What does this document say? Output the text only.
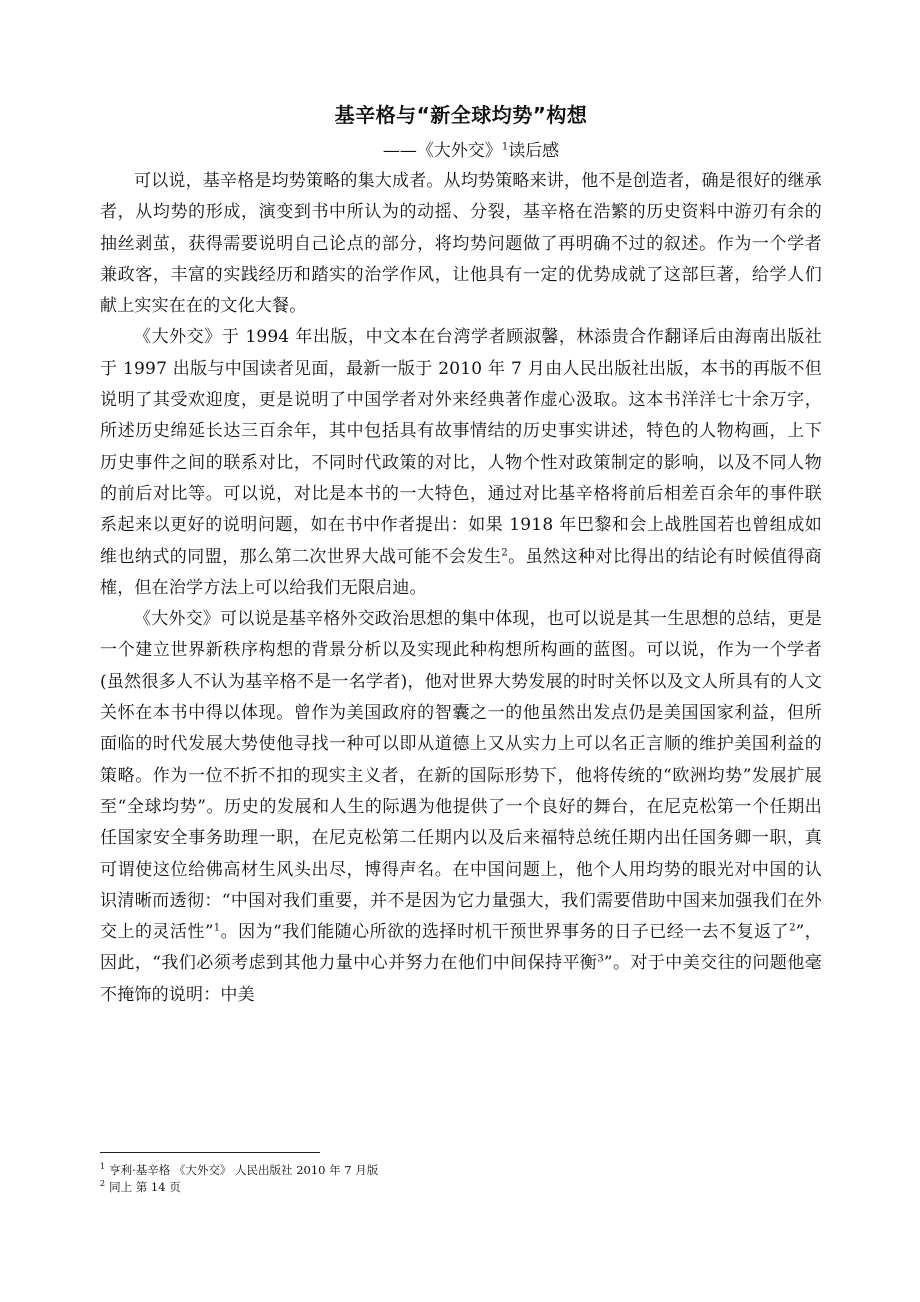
基辛格与“新全球均势”构想

——《大外交》$^1$读后感

可以说，基辛格是均势策略的集大成者。从均势策略来讲，他不是创造者，确是很好的继承者，从均势的形成，演变到书中所认为的动摇、分裂，基辛格在浩繁的历史资料中游刃有余的抽丝剥茧，获得需要说明自己论点的部分，将均势问题做了再明确不过的叙述。作为一个学者兼政客，丰富的实践经历和踏实的治学作风，让他具有一定的优势成就了这部巨著，给学人们献上实实在在的文化大餐。

《大外交》于 1994 年出版，中文本在台湾学者顾淑馨，林添贵合作翻译后由海南出版社于 1997 出版与中国读者见面，最新一版于 2010 年 7 月由人民出版社出版，本书的再版不但说明了其受欢迎度，更是说明了中国学者对外来经典著作虚心汲取。这本书洋洋七十余万字，所述历史绵延长达三百余年，其中包括具有故事情结的历史事实讲述，特色的人物构画，上下历史事件之间的联系对比，不同时代政策的对比，人物个性对政策制定的影响，以及不同人物的前后对比等。可以说，对比是本书的一大特色，通过对比基辛格将前后相差百余年的事件联系起来以更好的说明问题，如在书中作者提出：如果 1918 年巴黎和会上战胜国若也曾组成如维也纳式的同盟，那么第二次世界大战可能不会发生$^2$。虽然这种对比得出的结论有时候值得商榷，但在治学方法上可以给我们无限启迪。

《大外交》可以说是基辛格外交政治思想的集中体现，也可以说是其一生思想的总结，更是一个建立世界新秩序构想的背景分析以及实现此种构想所构画的蓝图。可以说，作为一个学者(虽然很多人不认为基辛格不是一名学者)，他对世界大势发展的时时关怀以及文人所具有的人文关怀在本书中得以体现。曾作为美国政府的智囊之一的他虽然出发点仍是美国国家利益，但所面临的时代发展大势使他寻找一种可以即从道德上又从实力上可以名正言顺的维护美国利益的策略。作为一位不折不扣的现实主义者，在新的国际形势下，他将传统的“欧洲均势”发展扩展至“全球均势”。历史的发展和人生的际遇为他提供了一个良好的舞台，在尼克松第一个任期出任国家安全事务助理一职，在尼克松第二任期内以及后来福特总统任期内出任国务卿一职，真可谓使这位给佛高材生风头出尽，博得声名。在中国问题上，他个人用均势的眼光对中国的认识清晰而透彻：“中国对我们重要，并不是因为它力量强大，我们需要借助中国来加强我们在外交上的灵活性”$^1$。因为“我们能随心所欲的选择时机干预世界事务的日子已经一去不复返了$^2$”，因此，“我们必须考虑到其他力量中心并努力在他们中间保持平衡$^3$”。对于中美交往的问题他毫不掩饰的说明：中美

$^1$ 亨利·基辛格 《大外交》 人民出版社 2010 年 7 月版

$^2$ 同上 第 14 页
